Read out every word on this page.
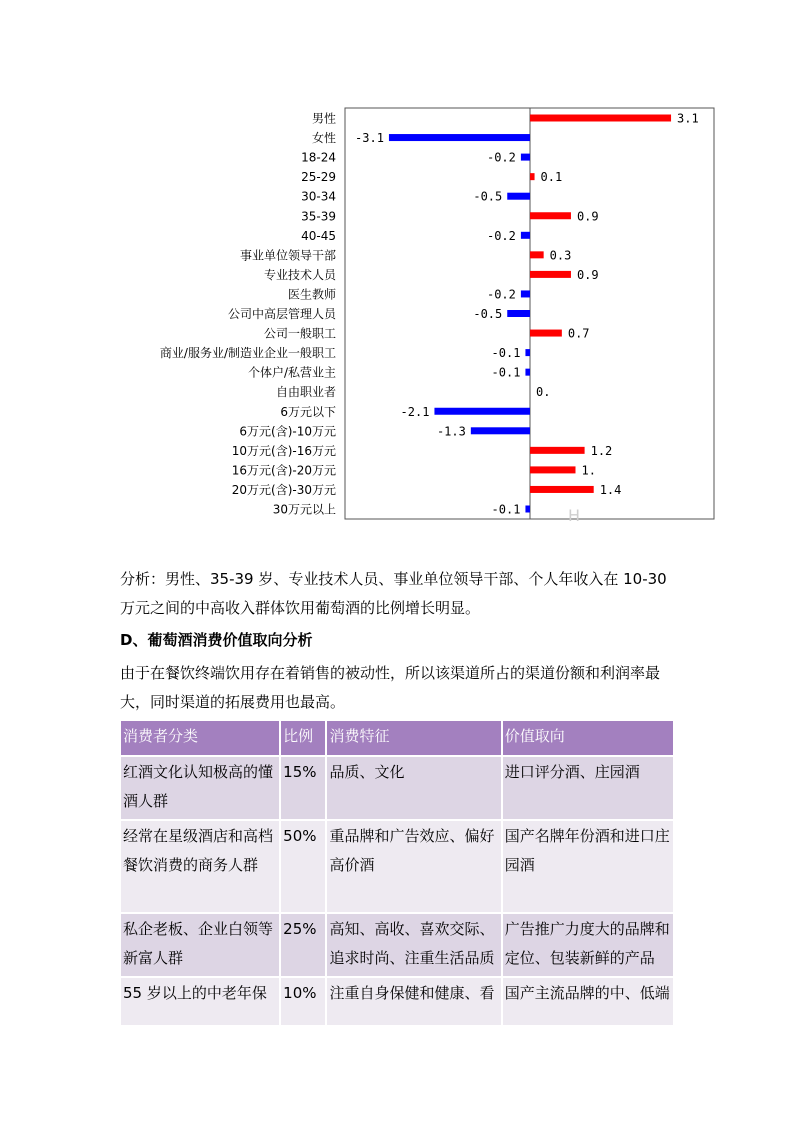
男性	3.1
女性 -3.1
18-24	-0.2
25-29	0.1
30-34	-0.5
35-39	0.9
40-45	-0.2
事业单位领导干部	0.3
专业技术人员	0.9
医生教师	-0.2
公司中高层管理人员	-0.5
公司一般职工	0.7
商业/服务业/制造业企业一般职工	-0.1
个体户/私营业主	-0.1
自由职业者	0.
6万元以下	-2.1
6万元(含)-10万元	-1.3
10万元(含)-16万元	1.2
16万元(含)-20万元	1.
20万元(含)-30万元	1.4
30万元以上	-0.1	H
分析：男性、35-39 岁、专业技术人员、事业单位领导干部、个人年收入在 10-30 万元之间的中高收入群体饮用葡萄酒的比例增长明显。
D、葡萄酒消费价值取向分析
由于在餐饮终端饮用存在着销售的被动性，所以该渠道所占的渠道份额和利润率最大，同时渠道的拓展费用也最高。
消费者分类	比例	消费特征	价值取向
红酒文化认知极高的懂酒人群	15%	品质、文化	进口评分酒、庄园酒
经常在星级酒店和高档餐饮消费的商务人群	50%	重品牌和广告效应、偏好高价酒	国产名牌年份酒和进口庄园酒
私企老板、企业白领等新富人群	25%	高知、高收、喜欢交际、追求时尚、注重生活品质	广告推广力度大的品牌和定位、包装新鲜的产品
55 岁以上的中老年保	10%	注重自身保健和健康、看	国产主流品牌的中、低端
